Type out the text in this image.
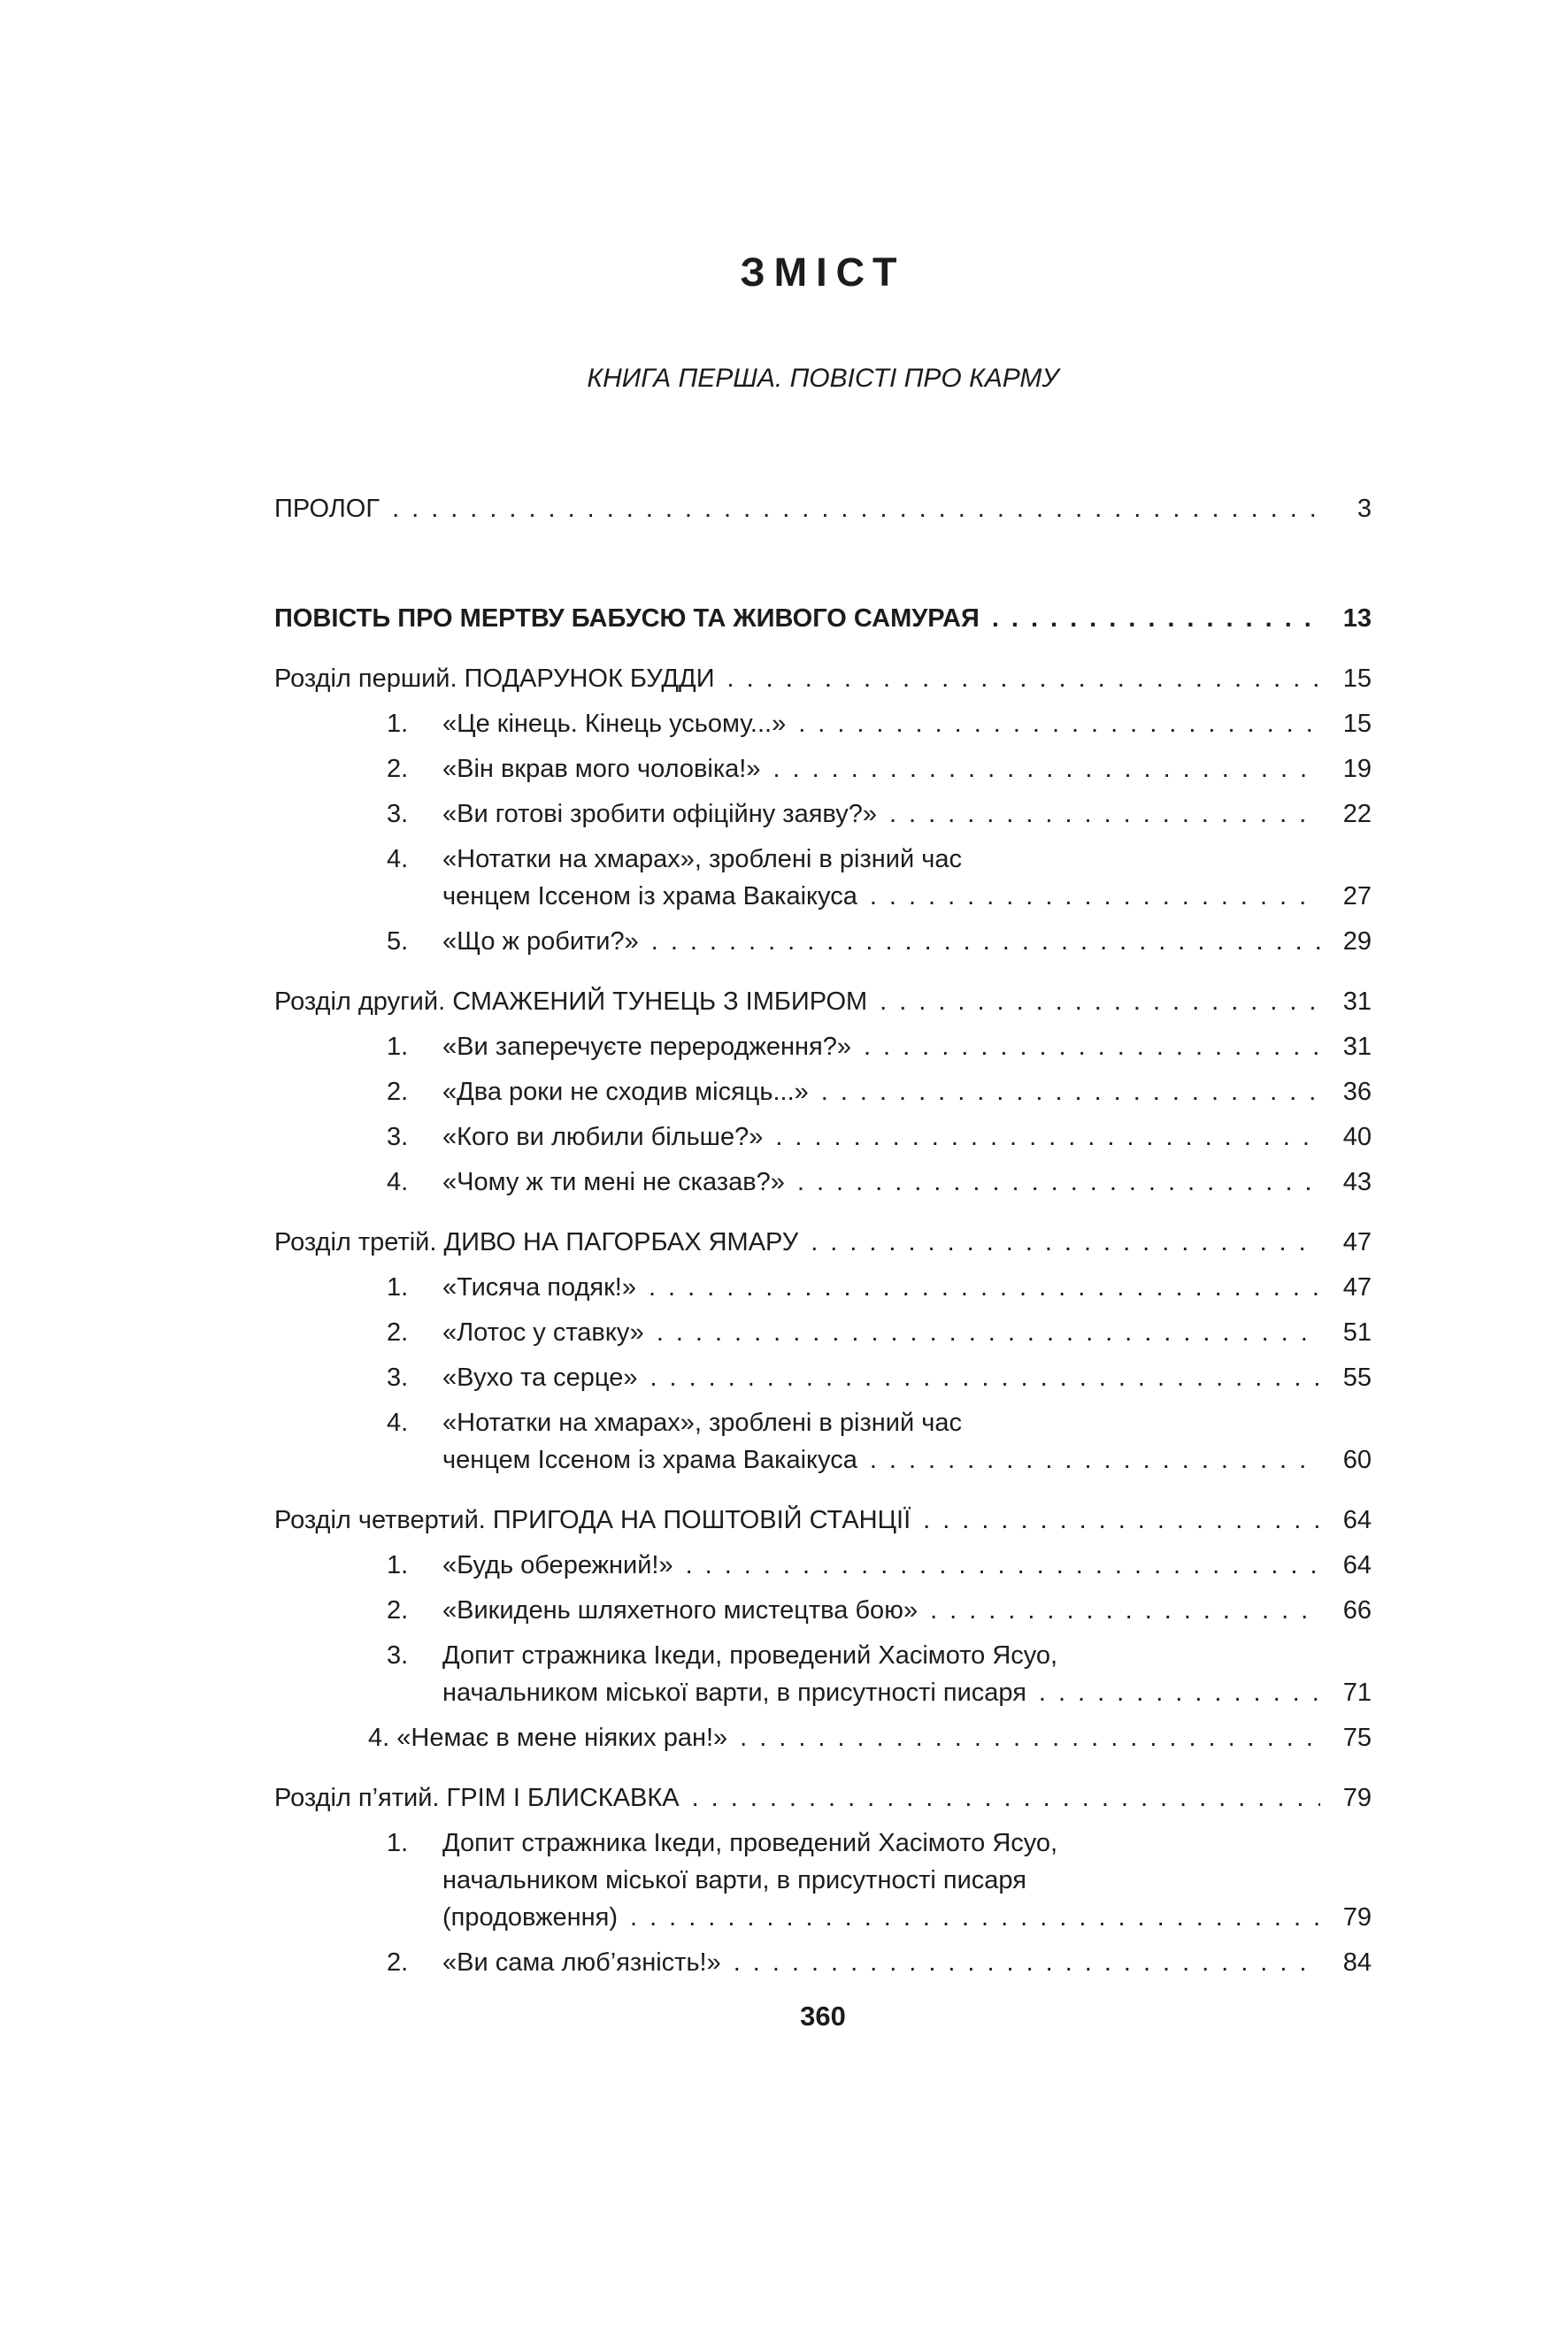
ЗМІСТ
КНИГА ПЕРША. ПОВІСТІ ПРО КАРМУ
ПРОЛОГ .....	3
ПОВІСТЬ ПРО МЕРТВУ БАБУСЮ ТА ЖИВОГО САМУРАЯ .....	13
Розділ перший. ПОДАРУНОК БУДДИ .....	15
1.	«Це кінець. Кінець усьому...» .....	15
2.	«Він вкрав мого чоловіка!» .....	19
3.	«Ви готові зробити офіційну заяву?» .....	22
4.	«Нотатки на хмарах», зроблені в різний час
ченцем Іссеном із храма Вакаікуса .....	27
5.	«Що ж робити?» .....	29
Розділ другий. СМАЖЕНИЙ ТУНЕЦЬ З ІМБИРОМ .....	31
1.	«Ви заперечуєте переродження?» .....	31
2.	«Два роки не сходив місяць...» .....	36
3.	«Кого ви любили більше?» .....	40
4.	«Чому ж ти мені не сказав?» .....	43
Розділ третій. ДИВО НА ПАГОРБАХ ЯМАРУ .....	47
1.	«Тисяча подяк!» .....	47
2.	«Лотос у ставку» .....	51
3.	«Вухо та серце» .....	55
4.	«Нотатки на хмарах», зроблені в різний час
ченцем Іссеном із храма Вакаікуса .....	60
Розділ четвертий. ПРИГОДА НА ПОШТОВІЙ СТАНЦІЇ .....	64
1.	«Будь обережний!» .....	64
2.	«Викидень шляхетного мистецтва бою» .....	66
3.	Допит стражника Ікеди, проведений Хасімото Ясуо,
начальником міської варти, в присутності писаря .....	71
4. «Немає в мене ніяких ран!» .....	75
Розділ п’ятий. ГРІМ І БЛИСКАВКА .....	79
1.	Допит стражника Ікеди, проведений Хасімото Ясуо,
начальником міської варти, в присутності писаря
(продовження) .....	79
2.	«Ви сама люб’язність!» .....	84
360
